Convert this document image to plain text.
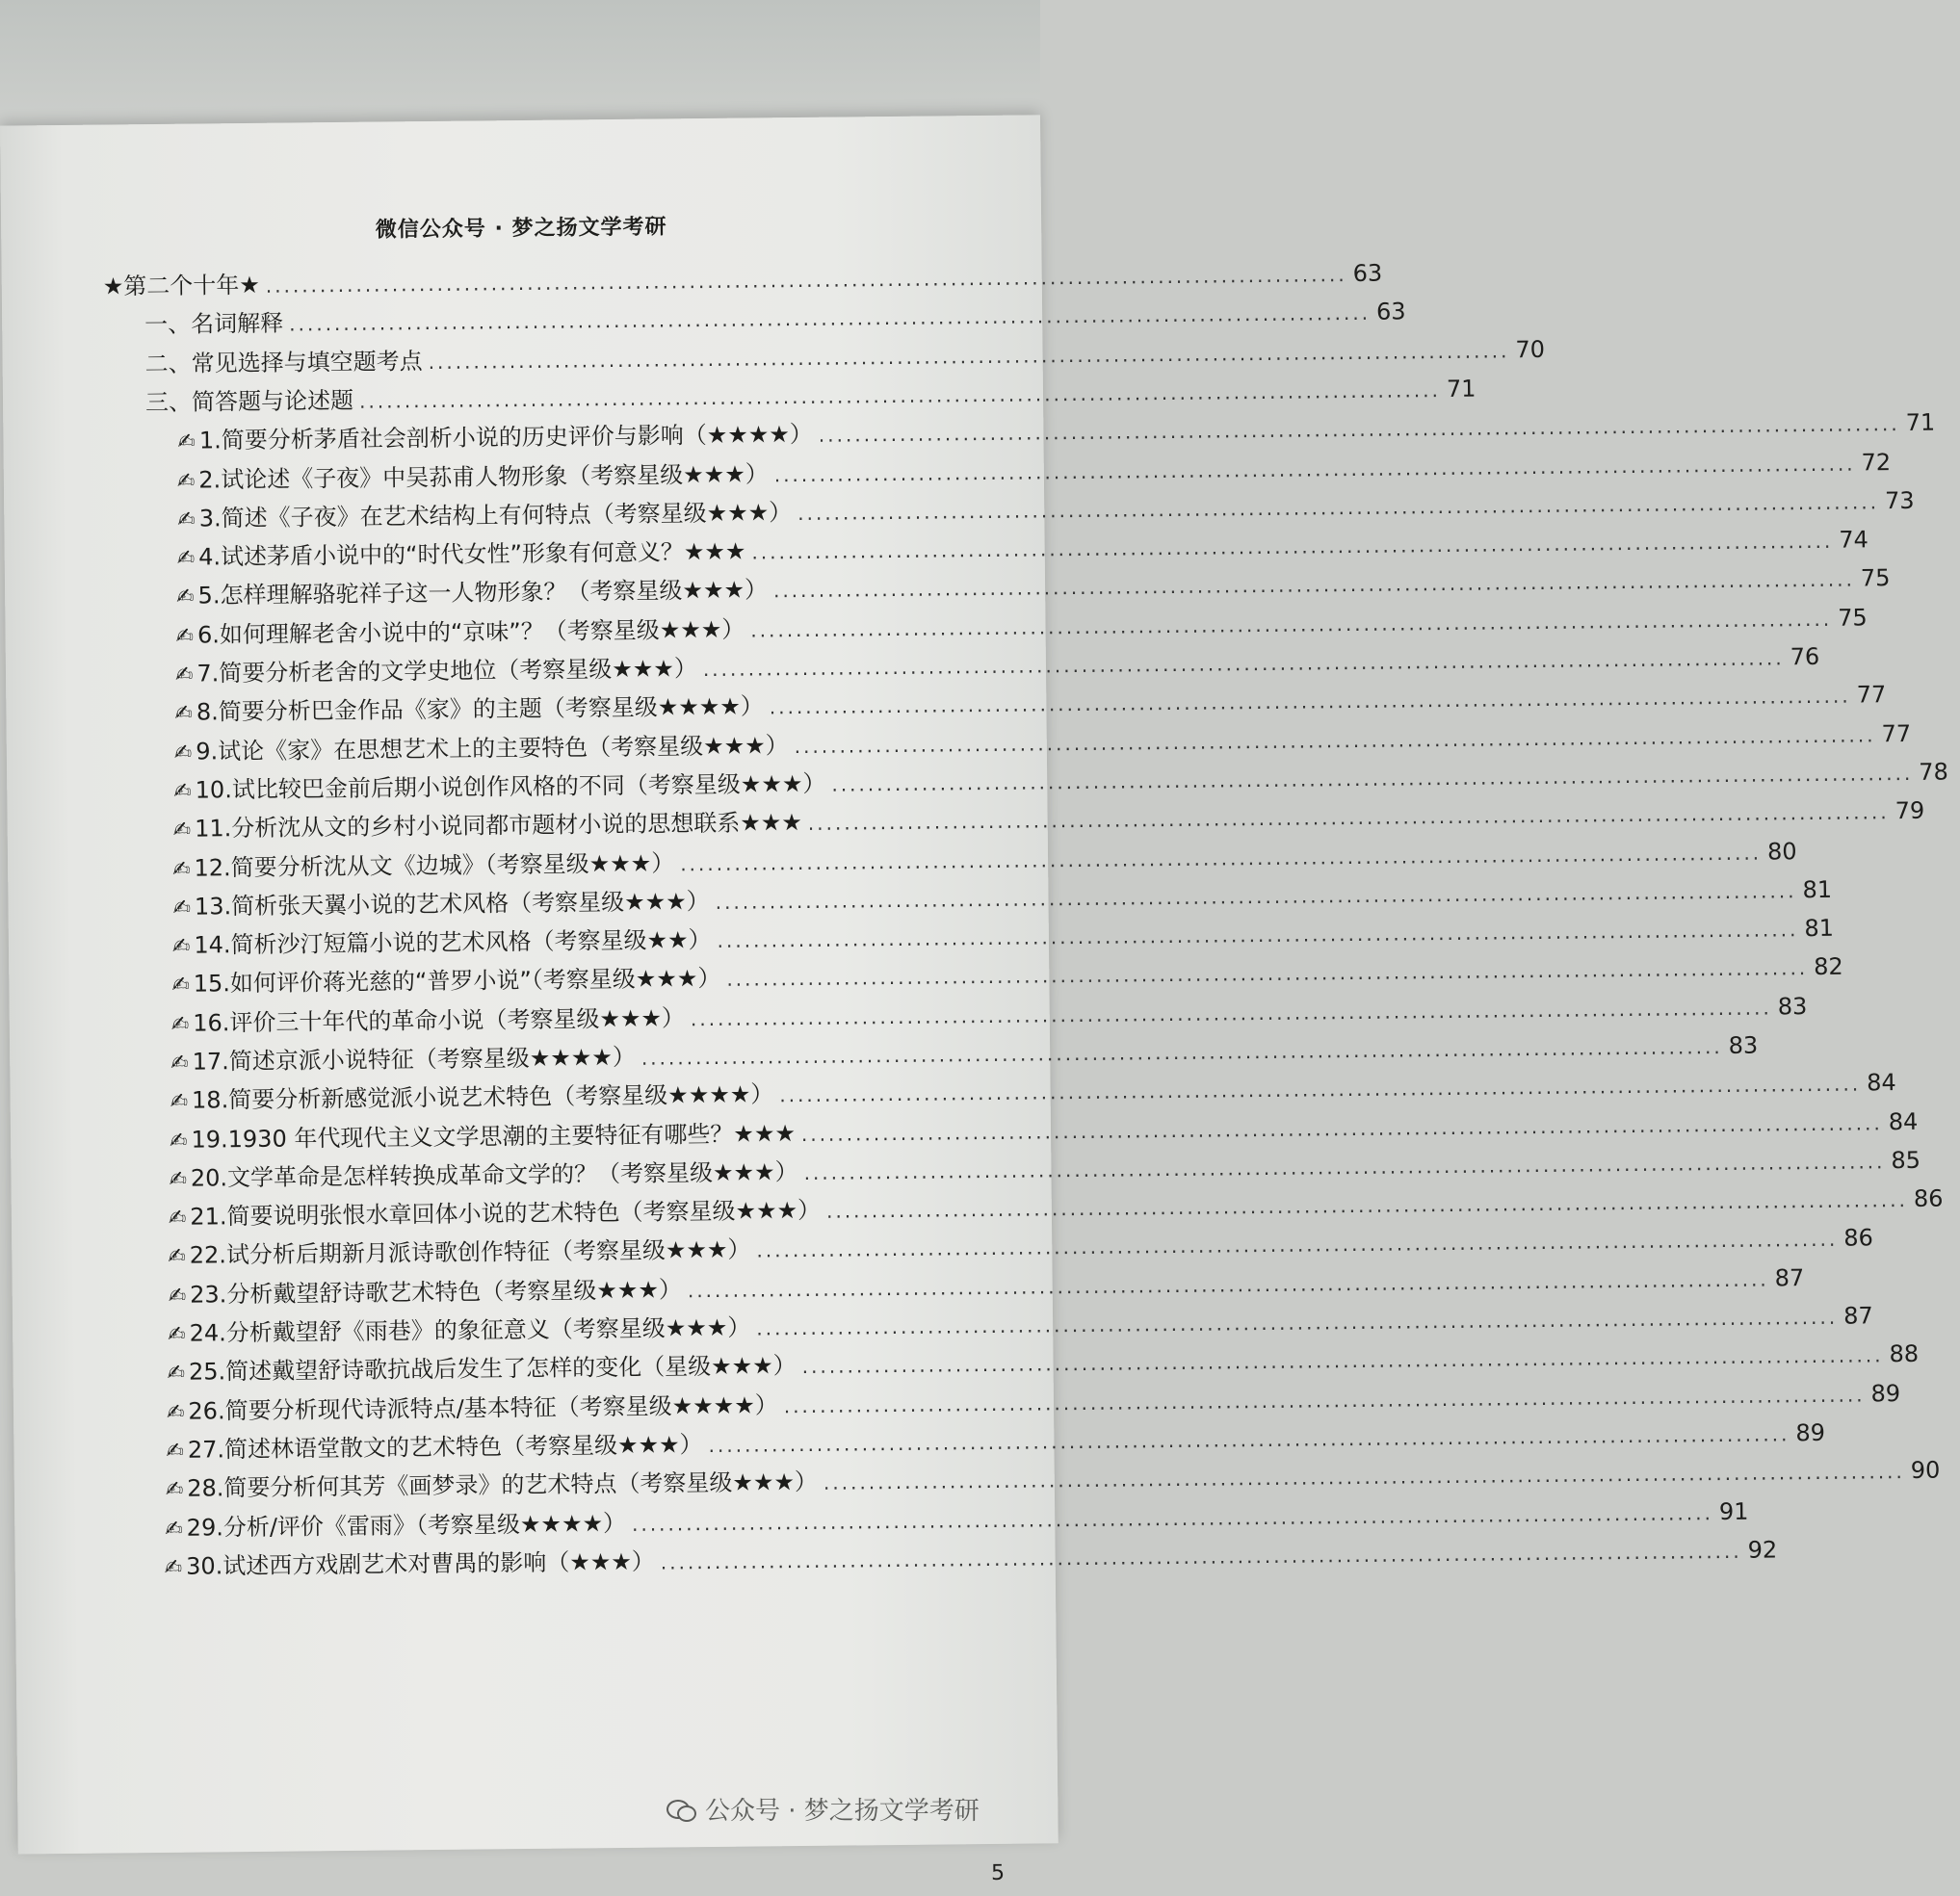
微信公众号 · 梦之扬文学考研
★第二个十年★ ........................................................................................................................ 63
一、名词解释 ........................................................................................................................ 63
二、常见选择与填空题考点 ........................................................................................................................ 70
三、简答题与论述题 ........................................................................................................................ 71
✍ 1.简要分析茅盾社会剖析小说的历史评价与影响（★★★★） ........................................................................................................................ 71
✍ 2.试论述《子夜》中吴荪甫人物形象（考察星级★★★） ........................................................................................................................ 72
✍ 3.简述《子夜》在艺术结构上有何特点（考察星级★★★） ........................................................................................................................ 73
✍ 4.试述茅盾小说中的“时代女性”形象有何意义？★★★ ........................................................................................................................ 74
✍ 5.怎样理解骆驼祥子这一人物形象？（考察星级★★★） ........................................................................................................................ 75
✍ 6.如何理解老舍小说中的“京味”？（考察星级★★★） ........................................................................................................................ 75
✍ 7.简要分析老舍的文学史地位（考察星级★★★） ........................................................................................................................ 76
✍ 8.简要分析巴金作品《家》的主题（考察星级★★★★） ........................................................................................................................ 77
✍ 9.试论《家》在思想艺术上的主要特色（考察星级★★★） ........................................................................................................................ 77
✍ 10.试比较巴金前后期小说创作风格的不同（考察星级★★★） ........................................................................................................................ 78
✍ 11.分析沈从文的乡村小说同都市题材小说的思想联系★★★ ........................................................................................................................ 79
✍ 12.简要分析沈从文《边城》（考察星级★★★） ........................................................................................................................ 80
✍ 13.简析张天翼小说的艺术风格（考察星级★★★） ........................................................................................................................ 81
✍ 14.简析沙汀短篇小说的艺术风格（考察星级★★） ........................................................................................................................ 81
✍ 15.如何评价蒋光慈的“普罗小说”（考察星级★★★） ........................................................................................................................ 82
✍ 16.评价三十年代的革命小说（考察星级★★★） ........................................................................................................................ 83
✍ 17.简述京派小说特征（考察星级★★★★） ........................................................................................................................ 83
✍ 18.简要分析新感觉派小说艺术特色（考察星级★★★★） ........................................................................................................................ 84
✍ 19.1930 年代现代主义文学思潮的主要特征有哪些？★★★ ........................................................................................................................ 84
✍ 20.文学革命是怎样转换成革命文学的？（考察星级★★★） ........................................................................................................................ 85
✍ 21.简要说明张恨水章回体小说的艺术特色（考察星级★★★） ........................................................................................................................ 86
✍ 22.试分析后期新月派诗歌创作特征（考察星级★★★） ........................................................................................................................ 86
✍ 23.分析戴望舒诗歌艺术特色（考察星级★★★） ........................................................................................................................ 87
✍ 24.分析戴望舒《雨巷》的象征意义（考察星级★★★） ........................................................................................................................ 87
✍ 25.简述戴望舒诗歌抗战后发生了怎样的变化（星级★★★） ........................................................................................................................ 88
✍ 26.简要分析现代诗派特点/基本特征（考察星级★★★★） ........................................................................................................................ 89
✍ 27.简述林语堂散文的艺术特色（考察星级★★★） ........................................................................................................................ 89
✍ 28.简要分析何其芳《画梦录》的艺术特点（考察星级★★★） ........................................................................................................................ 90
✍ 29.分析/评价《雷雨》（考察星级★★★★） ........................................................................................................................ 91
✍ 30.试述西方戏剧艺术对曹禺的影响（★★★） ........................................................................................................................ 92
5
公众号 · 梦之扬文学考研
